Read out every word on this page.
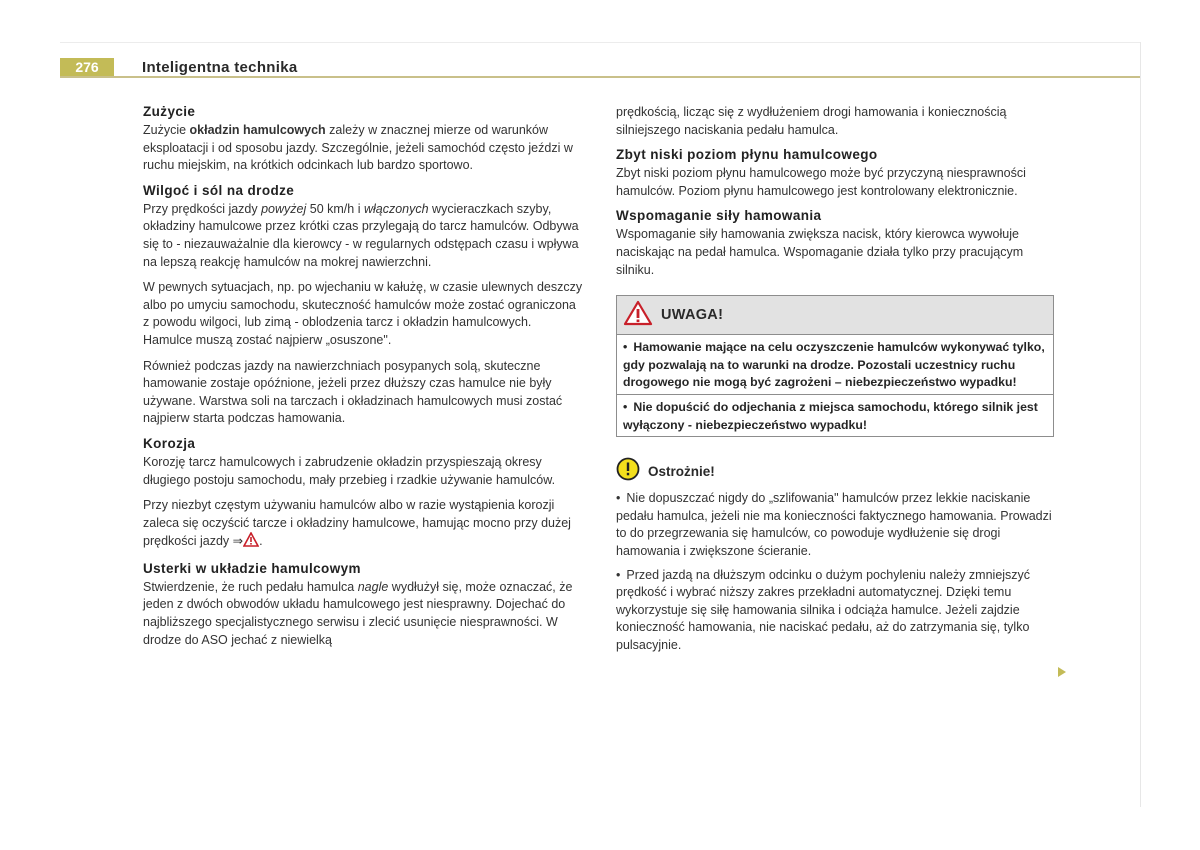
276	Inteligentna technika
Zużycie

Zużycie okładzin hamulcowych zależy w znacznej mierze od warunków eksploatacji i od sposobu jazdy. Szczególnie, jeżeli samochód często jeździ w ruchu miejskim, na krótkich odcinkach lub bardzo sportowo.

Wilgoć i sól na drodze

Przy prędkości jazdy powyżej 50 km/h i włączonych wycieraczkach szyby, okładziny hamulcowe przez krótki czas przylegają do tarcz hamulców. Odbywa się to - niezauważalnie dla kierowcy - w regularnych odstępach czasu i wpływa na lepszą reakcję hamulców na mokrej nawierzchni.

W pewnych sytuacjach, np. po wjechaniu w kałużę, w czasie ulewnych deszczy albo po umyciu samochodu, skuteczność hamulców może zostać ograniczona z powodu wilgoci, lub zimą - oblodzenia tarcz i okładzin hamulcowych. Hamulce muszą zostać najpierw „osuszone".

Również podczas jazdy na nawierzchniach posypanych solą, skuteczne hamowanie zostaje opóźnione, jeżeli przez dłuższy czas hamulce nie były używane. Warstwa soli na tarczach i okładzinach hamulcowych musi zostać najpierw starta podczas hamowania.

Korozja

Korozję tarcz hamulcowych i zabrudzenie okładzin przyspieszają okresy długiego postoju samochodu, mały przebieg i rzadkie używanie hamulców.

Przy niezbyt częstym używaniu hamulców albo w razie wystąpienia korozji zaleca się oczyścić tarcze i okładziny hamulcowe, hamując mocno przy dużej prędkości jazdy ⇒ .

Usterki w układzie hamulcowym

Stwierdzenie, że ruch pedału hamulca nagle wydłużył się, może oznaczać, że jeden z dwóch obwodów układu hamulcowego jest niesprawny. Dojechać do najbliższego specjalistycznego serwisu i zlecić usunięcie niesprawności. W drodze do ASO jechać z niewielką

prędkością, licząc się z wydłużeniem drogi hamowania i koniecznością silniejszego naciskania pedału hamulca.

Zbyt niski poziom płynu hamulcowego

Zbyt niski poziom płynu hamulcowego może być przyczyną niesprawności hamulców. Poziom płynu hamulcowego jest kontrolowany elektronicznie.

Wspomaganie siły hamowania

Wspomaganie siły hamowania zwiększa nacisk, który kierowca wywołuje naciskając na pedał hamulca. Wspomaganie działa tylko przy pracującym silniku.

UWAGA!
• Hamowanie mające na celu oczyszczenie hamulców wykonywać tylko, gdy pozwalają na to warunki na drodze. Pozostali uczestnicy ruchu drogowego nie mogą być zagrożeni – niebezpieczeństwo wypadku!
• Nie dopuścić do odjechania z miejsca samochodu, którego silnik jest wyłączony - niebezpieczeństwo wypadku!
Ostrożnie!

• Nie dopuszczać nigdy do „szlifowania" hamulców przez lekkie naciskanie pedału hamulca, jeżeli nie ma konieczności faktycznego hamowania. Prowadzi to do przegrzewania się hamulców, co powoduje wydłużenie się drogi hamowania i zwiększone ścieranie.

• Przed jazdą na dłuższym odcinku o dużym pochyleniu należy zmniejszyć prędkość i wybrać niższy zakres przekładni automatycznej. Dzięki temu wykorzystuje się siłę hamowania silnika i odciąża hamulce. Jeżeli zajdzie konieczność hamowania, nie naciskać pedału, aż do zatrzymania się, tylko pulsacyjnie.
